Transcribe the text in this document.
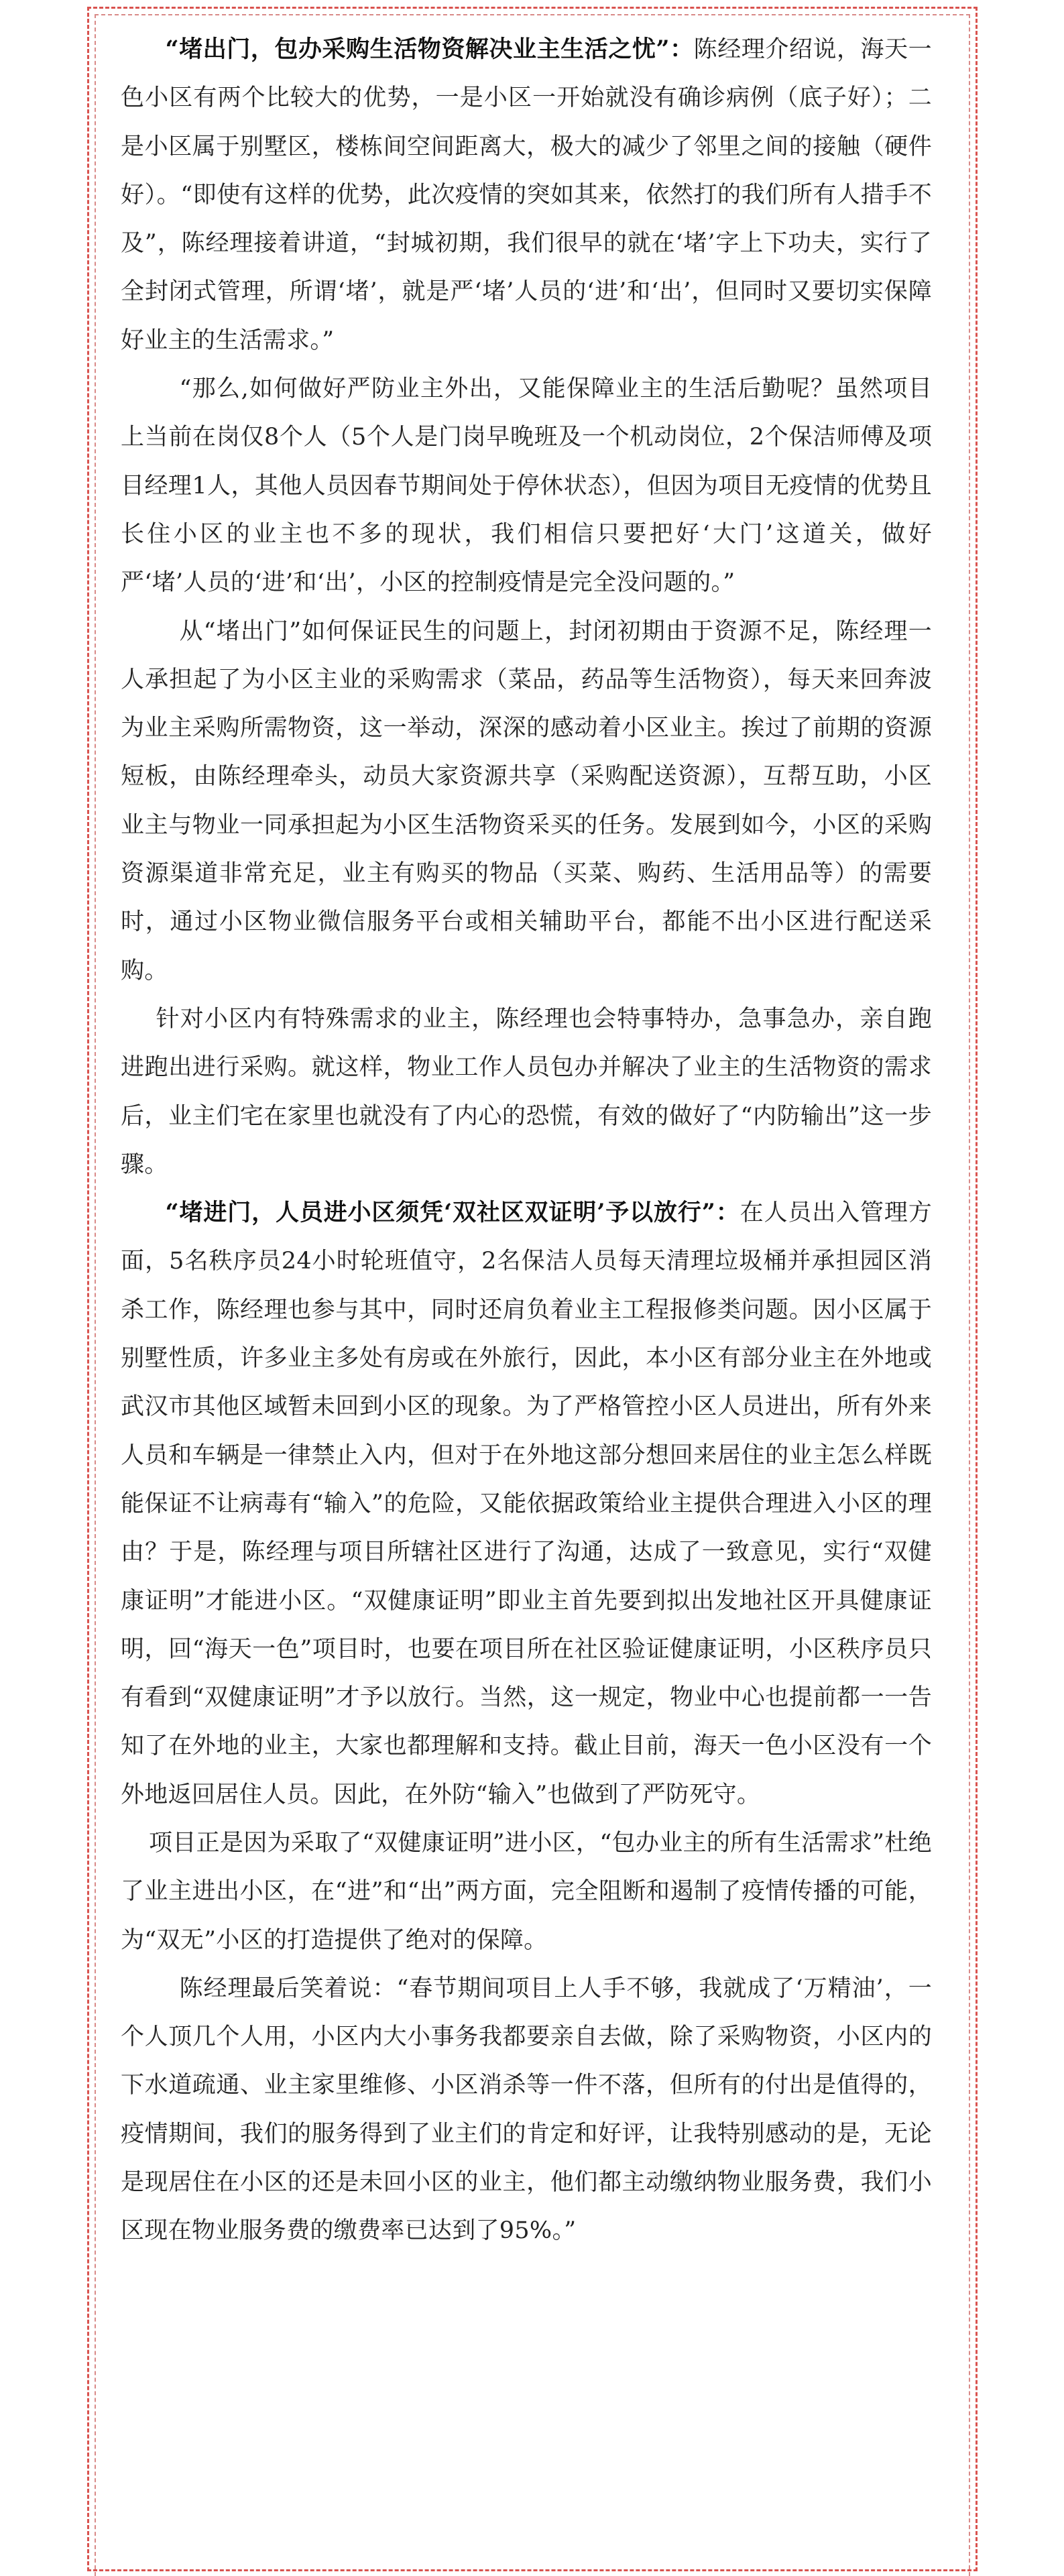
“堵出门，包办采购生活物资解决业主生活之忧”：陈经理介绍说，海天一色小区有两个比较大的优势，一是小区一开始就没有确诊病例（底子好）；二是小区属于别墅区，楼栋间空间距离大，极大的减少了邻里之间的接触（硬件好）。“即使有这样的优势，此次疫情的突如其来，依然打的我们所有人措手不及”，陈经理接着讲道，“封城初期，我们很早的就在‘堵’字上下功夫，实行了全封闭式管理，所谓‘堵’，就是严‘堵’人员的‘进’和‘出’，但同时又要切实保障好业主的生活需求。”

“那么,如何做好严防业主外出，又能保障业主的生活后勤呢？虽然项目上当前在岗仅8个人（5个人是门岗早晚班及一个机动岗位，2个保洁师傅及项目经理1人，其他人员因春节期间处于停休状态），但因为项目无疫情的优势且长住小区的业主也不多的现状，我们相信只要把好‘大门’这道关，做好严‘堵’人员的‘进’和‘出’，小区的控制疫情是完全没问题的。”

从“堵出门”如何保证民生的问题上，封闭初期由于资源不足，陈经理一人承担起了为小区主业的采购需求（菜品，药品等生活物资），每天来回奔波为业主采购所需物资，这一举动，深深的感动着小区业主。挨过了前期的资源短板，由陈经理牵头，动员大家资源共享（采购配送资源），互帮互助，小区业主与物业一同承担起为小区生活物资采买的任务。发展到如今，小区的采购资源渠道非常充足，业主有购买的物品（买菜、购药、生活用品等）的需要时，通过小区物业微信服务平台或相关辅助平台，都能不出小区进行配送采购。

针对小区内有特殊需求的业主，陈经理也会特事特办，急事急办，亲自跑进跑出进行采购。就这样，物业工作人员包办并解决了业主的生活物资的需求后，业主们宅在家里也就没有了内心的恐慌，有效的做好了“内防输出”这一步骤。

“堵进门，人员进小区须凭‘双社区双证明’予以放行”：在人员出入管理方面，5名秩序员24小时轮班值守，2名保洁人员每天清理垃圾桶并承担园区消杀工作，陈经理也参与其中，同时还肩负着业主工程报修类问题。因小区属于别墅性质，许多业主多处有房或在外旅行，因此，本小区有部分业主在外地或武汉市其他区域暂未回到小区的现象。为了严格管控小区人员进出，所有外来人员和车辆是一律禁止入内，但对于在外地这部分想回来居住的业主怎么样既能保证不让病毒有“输入”的危险，又能依据政策给业主提供合理进入小区的理由？于是，陈经理与项目所辖社区进行了沟通，达成了一致意见，实行“双健康证明”才能进小区。“双健康证明”即业主首先要到拟出发地社区开具健康证明，回“海天一色”项目时，也要在项目所在社区验证健康证明，小区秩序员只有看到“双健康证明”才予以放行。当然，这一规定，物业中心也提前都一一告知了在外地的业主，大家也都理解和支持。截止目前，海天一色小区没有一个外地返回居住人员。因此，在外防“输入”也做到了严防死守。

项目正是因为采取了“双健康证明”进小区，“包办业主的所有生活需求”杜绝了业主进出小区，在“进”和“出”两方面，完全阻断和遏制了疫情传播的可能，为“双无”小区的打造提供了绝对的保障。

陈经理最后笑着说：“春节期间项目上人手不够，我就成了‘万精油’，一个人顶几个人用，小区内大小事务我都要亲自去做，除了采购物资，小区内的下水道疏通、业主家里维修、小区消杀等一件不落，但所有的付出是值得的，疫情期间，我们的服务得到了业主们的肯定和好评，让我特别感动的是，无论是现居住在小区的还是未回小区的业主，他们都主动缴纳物业服务费，我们小区现在物业服务费的缴费率已达到了95%。”
